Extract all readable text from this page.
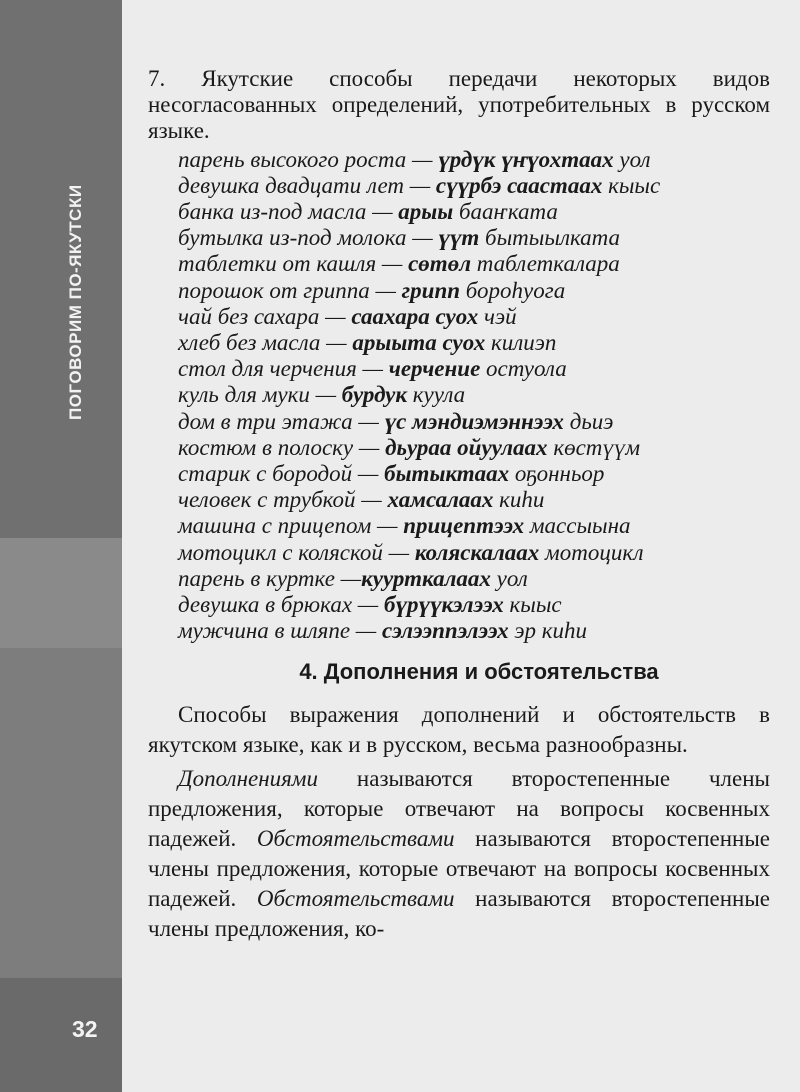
ПОГОВОРИМ ПО-ЯКУТСКИ
32

7. Якутские способы передачи некоторых видов несогласованных определений, употребительных в русском языке.

парень высокого роста — үрдүк үҥүохтаах уол
девушка двадцати лет — сүүрбэ саастаах кыыс
банка из-под масла — арыы бааҥката
бутылка из-под молока — үүт бытыылката
таблетки от кашля — сөтөл таблеткалара
порошок от гриппа — грипп бороһуога
чай без сахара — саахара суох чэй
хлеб без масла — арыыта суох килиэп
стол для черчения — черчение остуола
куль для муки — бурдук куула
дом в три этажа — үс мэндиэмэннээх дьиэ
костюм в полоску — дьураа ойуулаах көстүүм
старик с бородой — бытыктаах оҕонньор
человек с трубкой — хамсалаах киһи
машина с прицепом — прицептээх массыына
мотоцикл с коляской — коляскалаах мотоцикл
парень в куртке —куурткалаах уол
девушка в брюках — бүрүүкэлээх кыыс
мужчина в шляпе — сэлээппэлээх эр киһи
4. Дополнения и обстоятельства

Способы выражения дополнений и обстоятельств в якутском языке, как и в русском, весьма разнообразны.

Дополнениями называются второстепенные члены предложения, которые отвечают на вопросы косвенных падежей. Обстоятельствами называются второстепенные члены предложения, которые отвечают на вопросы косвенных падежей. Обстоятельствами называются второстепенные члены предложения, ко-
